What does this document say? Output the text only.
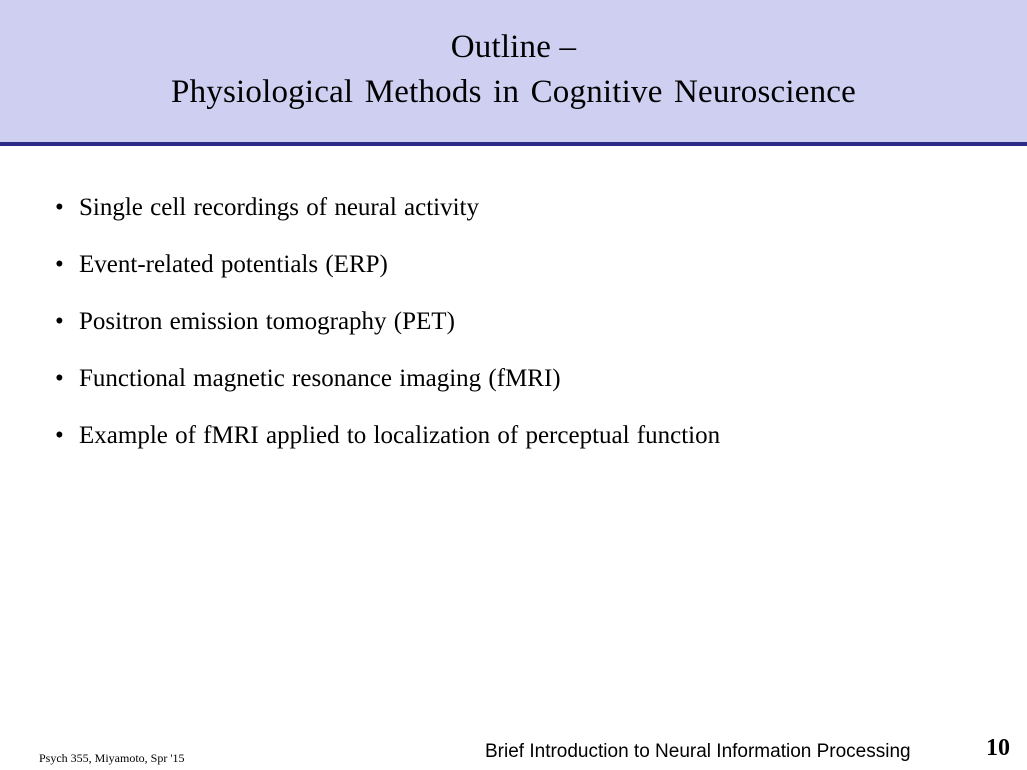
Outline –
Physiological Methods in Cognitive Neuroscience
• Single cell recordings of neural activity
• Event-related potentials (ERP)
• Positron emission tomography (PET)
• Functional magnetic resonance imaging (fMRI)
• Example of fMRI applied to localization of perceptual function
Psych 355, Miyamoto, Spr '15	Brief Introduction to Neural Information Processing	10
